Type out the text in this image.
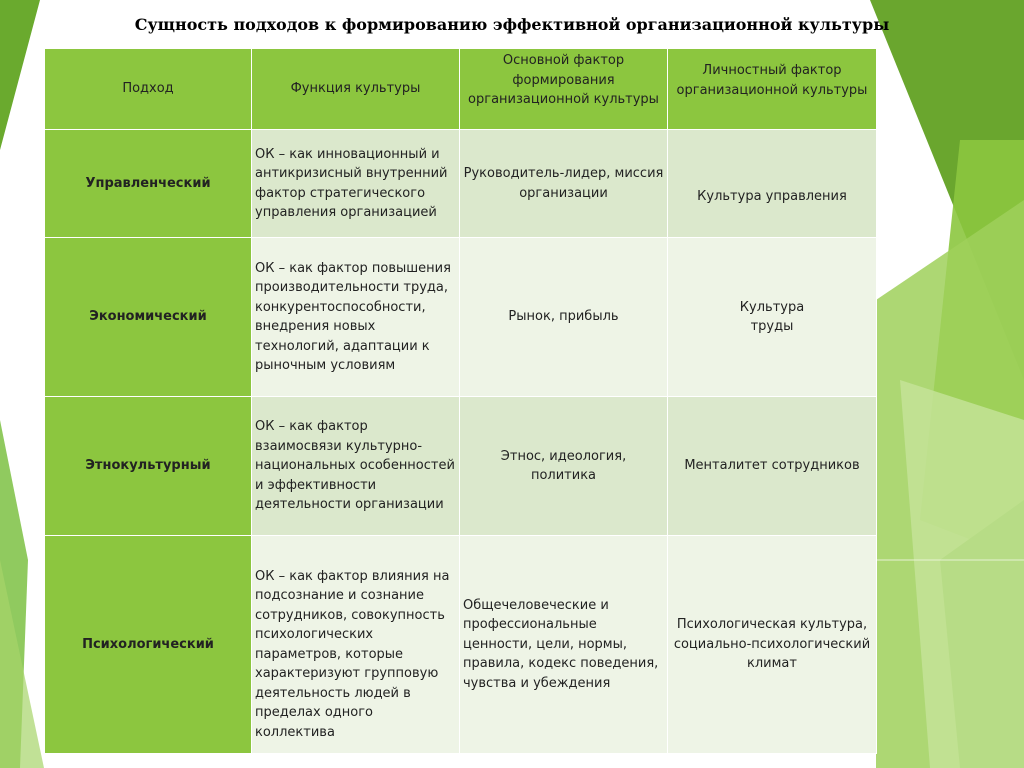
Сущность подходов к формированию эффективной организационной культуры
Подход	Функция культуры	Основной фактор формирования организационной культуры	Личностный фактор организационной культуры
Управленческий	ОК – как инновационный и антикризисный внутренний фактор стратегического управления организацией	Руководитель-лидер, миссия организации	Культура управления
Экономический	ОК – как фактор повышения производительности труда, конкурентоспособности, внедрения новых технологий, адаптации к рыночным условиям	Рынок, прибыль	Культура труды
Этнокультурный	ОК – как фактор взаимосвязи культурно-национальных особенностей и эффективности деятельности организации	Этнос, идеология, политика	Менталитет сотрудников
Психологический	ОК – как фактор влияния на подсознание и сознание сотрудников, совокупность психологических параметров, которые характеризуют групповую деятельность людей в пределах одного коллектива	Общечеловеческие и профессиональные ценности, цели, нормы, правила, кодекс поведения, чувства и убеждения	Психологическая культура, социально-психологический климат
